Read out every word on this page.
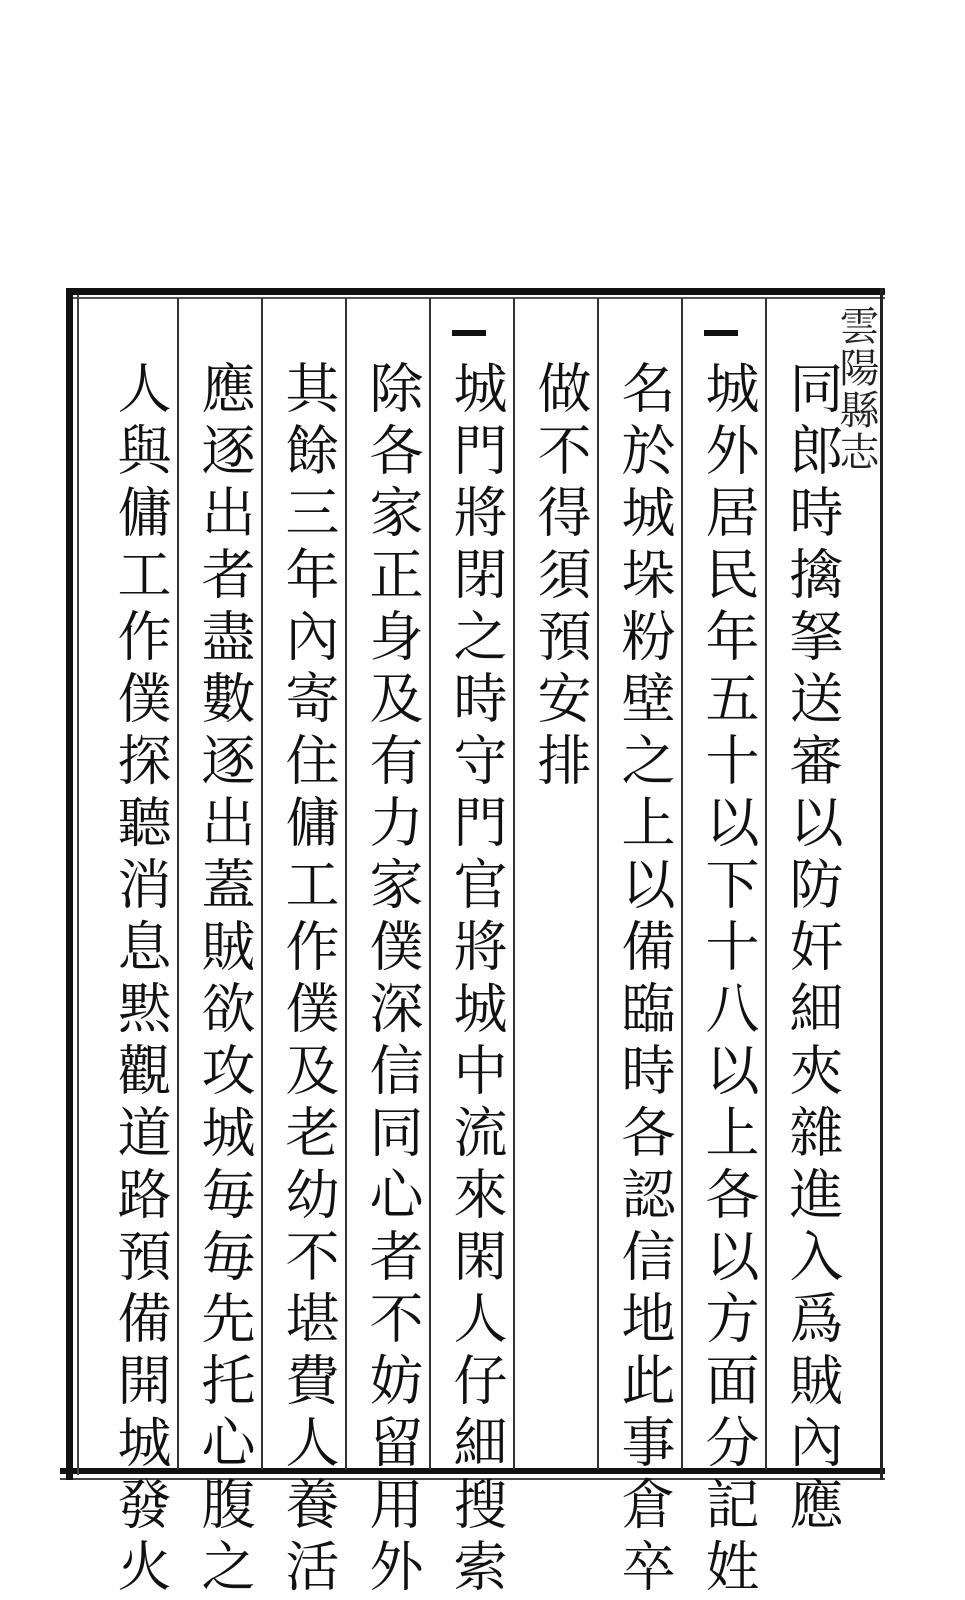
雲陽縣志
同郎時擒拏送審以防奸細夾雜進入爲賊內應
城外居民年五十以下十八以上各以方面分記姓
名於城垛粉壁之上以備臨時各認信地此事倉卒
做不得須預安排
城門將閉之時守門官將城中流來閑人仔細搜索
除各家正身及有力家僕深信同心者不妨留用外
其餘三年內寄住傭工作僕及老幼不堪費人養活
應逐出者盡數逐出蓋賊欲攻城毎毎先托心腹之
人與傭工作僕探聽消息黙觀道路預備開城發火
